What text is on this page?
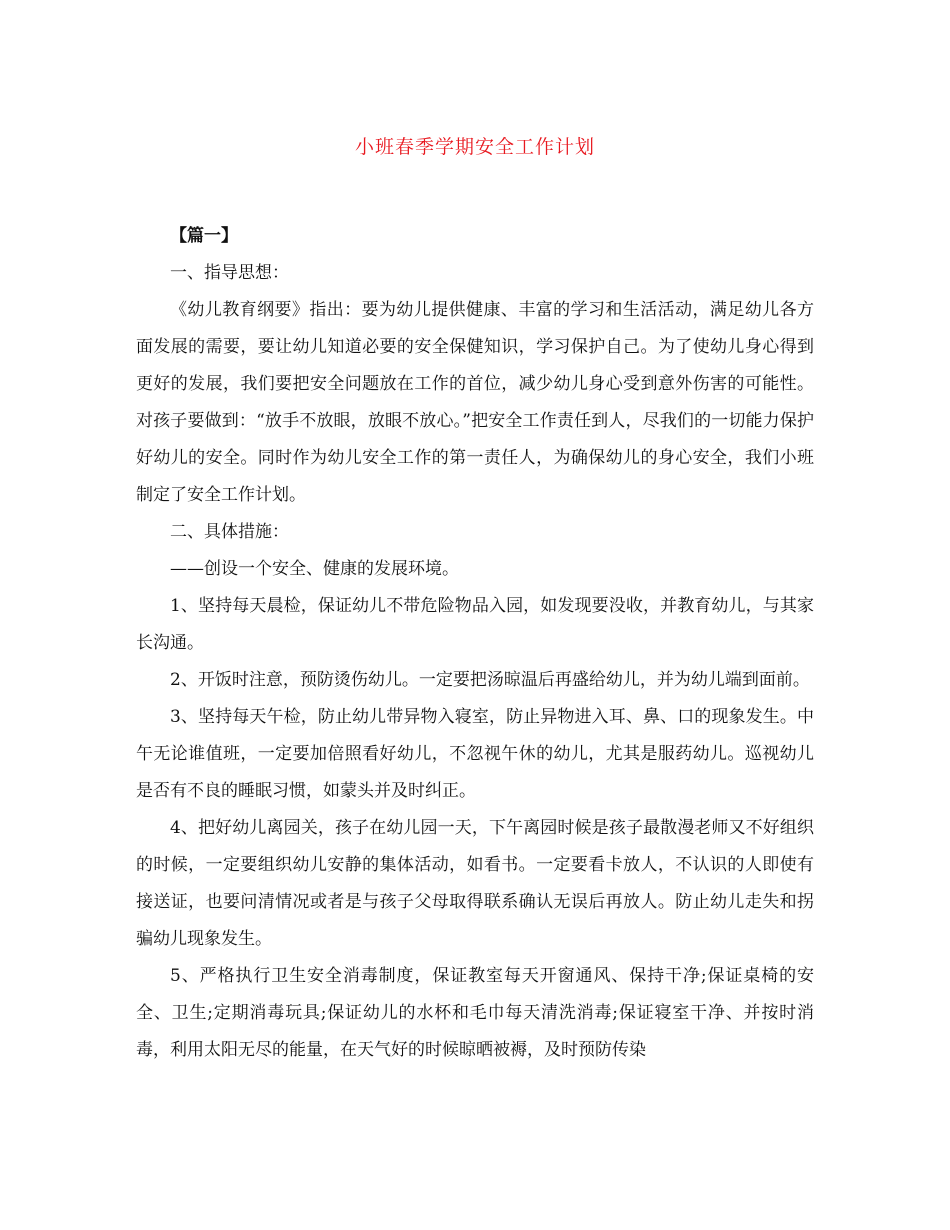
小班春季学期安全工作计划

【篇一】

一、指导思想：

《幼儿教育纲要》指出：要为幼儿提供健康、丰富的学习和生活活动，满足幼儿各方面发展的需要，要让幼儿知道必要的安全保健知识，学习保护自己。为了使幼儿身心得到更好的发展，我们要把安全问题放在工作的首位，减少幼儿身心受到意外伤害的可能性。对孩子要做到：“放手不放眼，放眼不放心。”把安全工作责任到人，尽我们的一切能力保护好幼儿的安全。同时作为幼儿安全工作的第一责任人，为确保幼儿的身心安全，我们小班制定了安全工作计划。

二、具体措施：

——创设一个安全、健康的发展环境。

1、坚持每天晨检，保证幼儿不带危险物品入园，如发现要没收，并教育幼儿，与其家长沟通。

2、开饭时注意，预防烫伤幼儿。一定要把汤晾温后再盛给幼儿，并为幼儿端到面前。

3、坚持每天午检，防止幼儿带异物入寝室，防止异物进入耳、鼻、口的现象发生。中午无论谁值班，一定要加倍照看好幼儿，不忽视午休的幼儿，尤其是服药幼儿。巡视幼儿是否有不良的睡眠习惯，如蒙头并及时纠正。

4、把好幼儿离园关，孩子在幼儿园一天，下午离园时候是孩子最散漫老师又不好组织的时候，一定要组织幼儿安静的集体活动，如看书。一定要看卡放人，不认识的人即使有接送证，也要问清情况或者是与孩子父母取得联系确认无误后再放人。防止幼儿走失和拐骗幼儿现象发生。

5、严格执行卫生安全消毒制度，保证教室每天开窗通风、保持干净;保证桌椅的安全、卫生;定期消毒玩具;保证幼儿的水杯和毛巾每天清洗消毒;保证寝室干净、并按时消毒，利用太阳无尽的能量，在天气好的时候晾晒被褥，及时预防传染
